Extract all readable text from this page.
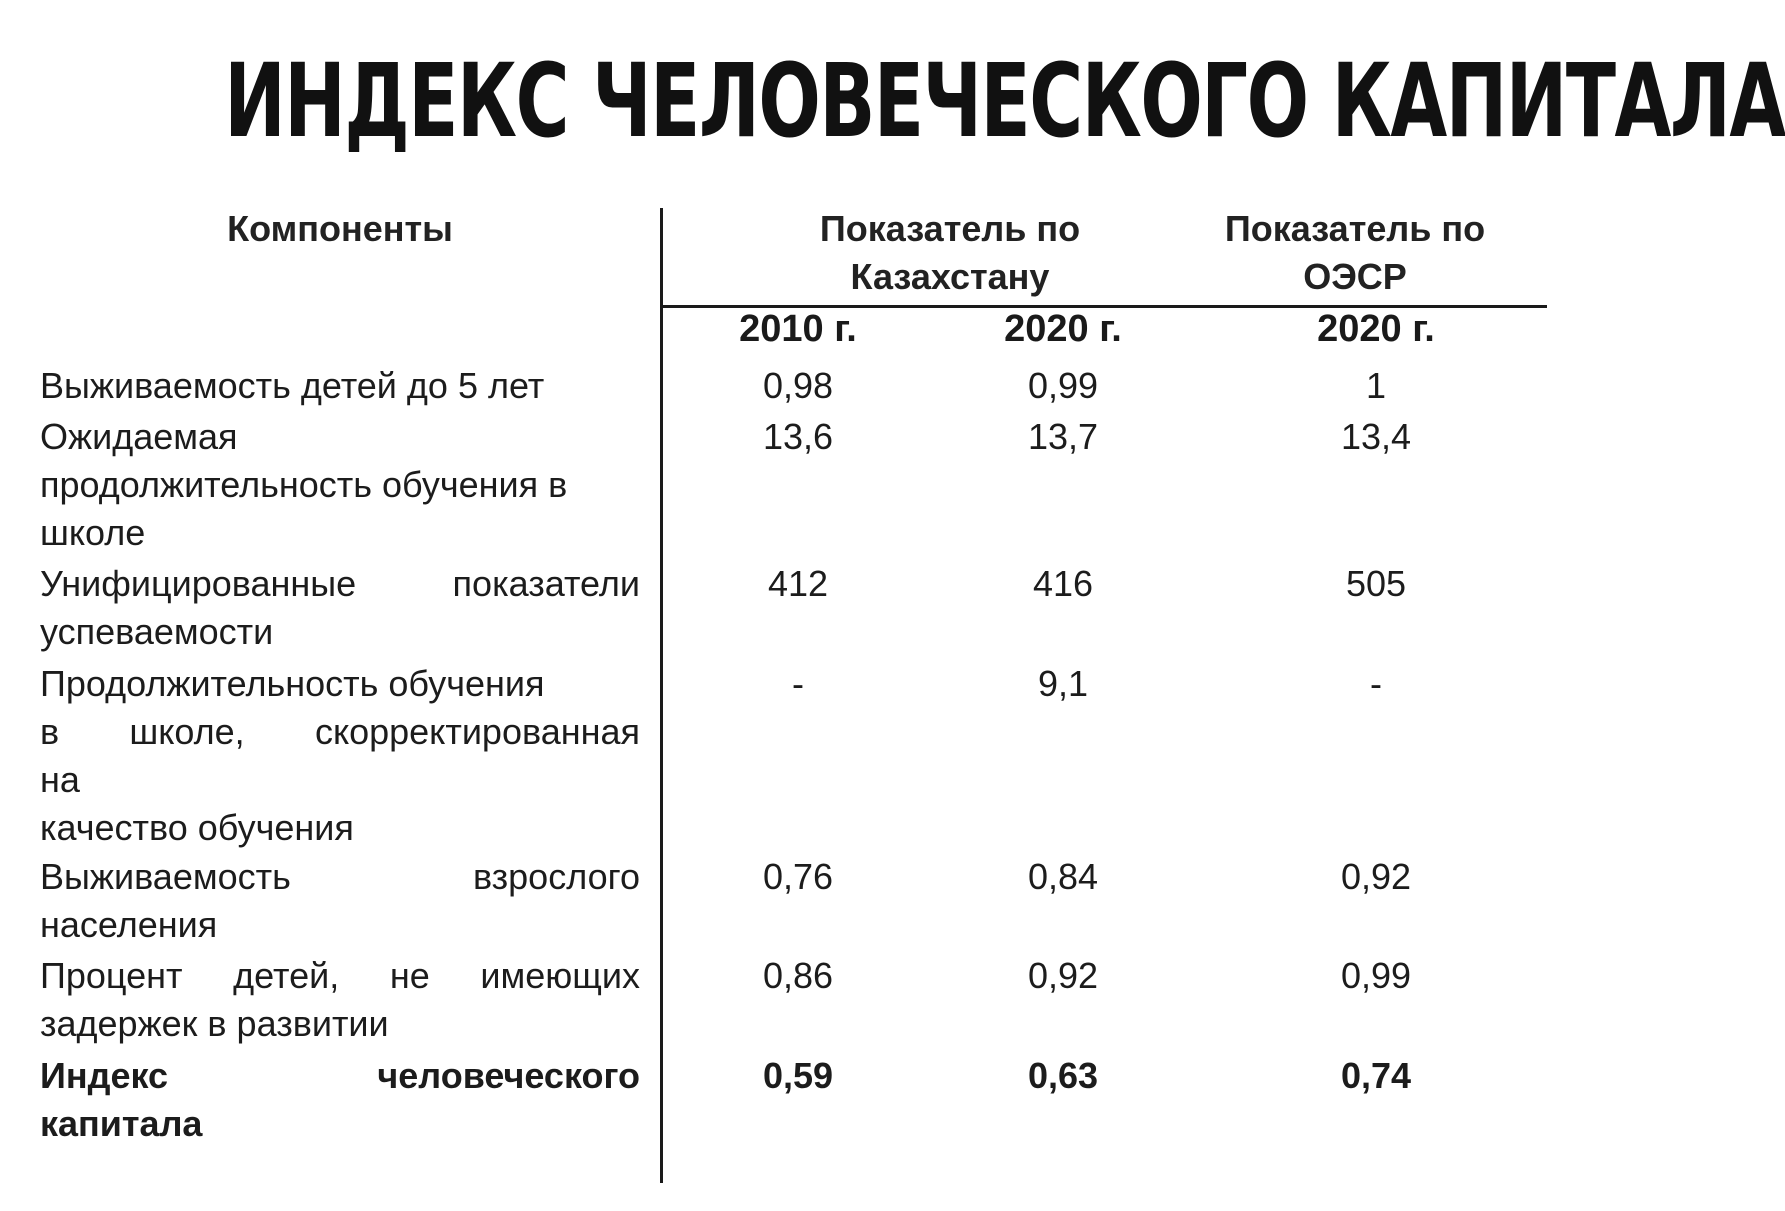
ИНДЕКС ЧЕЛОВЕЧЕСКОГО КАПИТАЛА
Компоненты	Показатель по
Казахстану
Показатель по
ОЭСР
2010 г.	2020 г.	2020 г.
Выживаемость детей до 5 лет	0,98	0,99	1
Ожидаемая
продолжительность обучения в
школе
13,6	13,7	13,4
Унифицированные показатели
успеваемости
412	416	505
Продолжительность обучения
в школе, скорректированная
на
качество обучения
-	9,1	-
Выживаемость взрослого
населения
0,76	0,84	0,92
Процент детей, не имеющих
задержек в развитии
0,86	0,92	0,99
Индекс человеческого
капитала
0,59	0,63	0,74
